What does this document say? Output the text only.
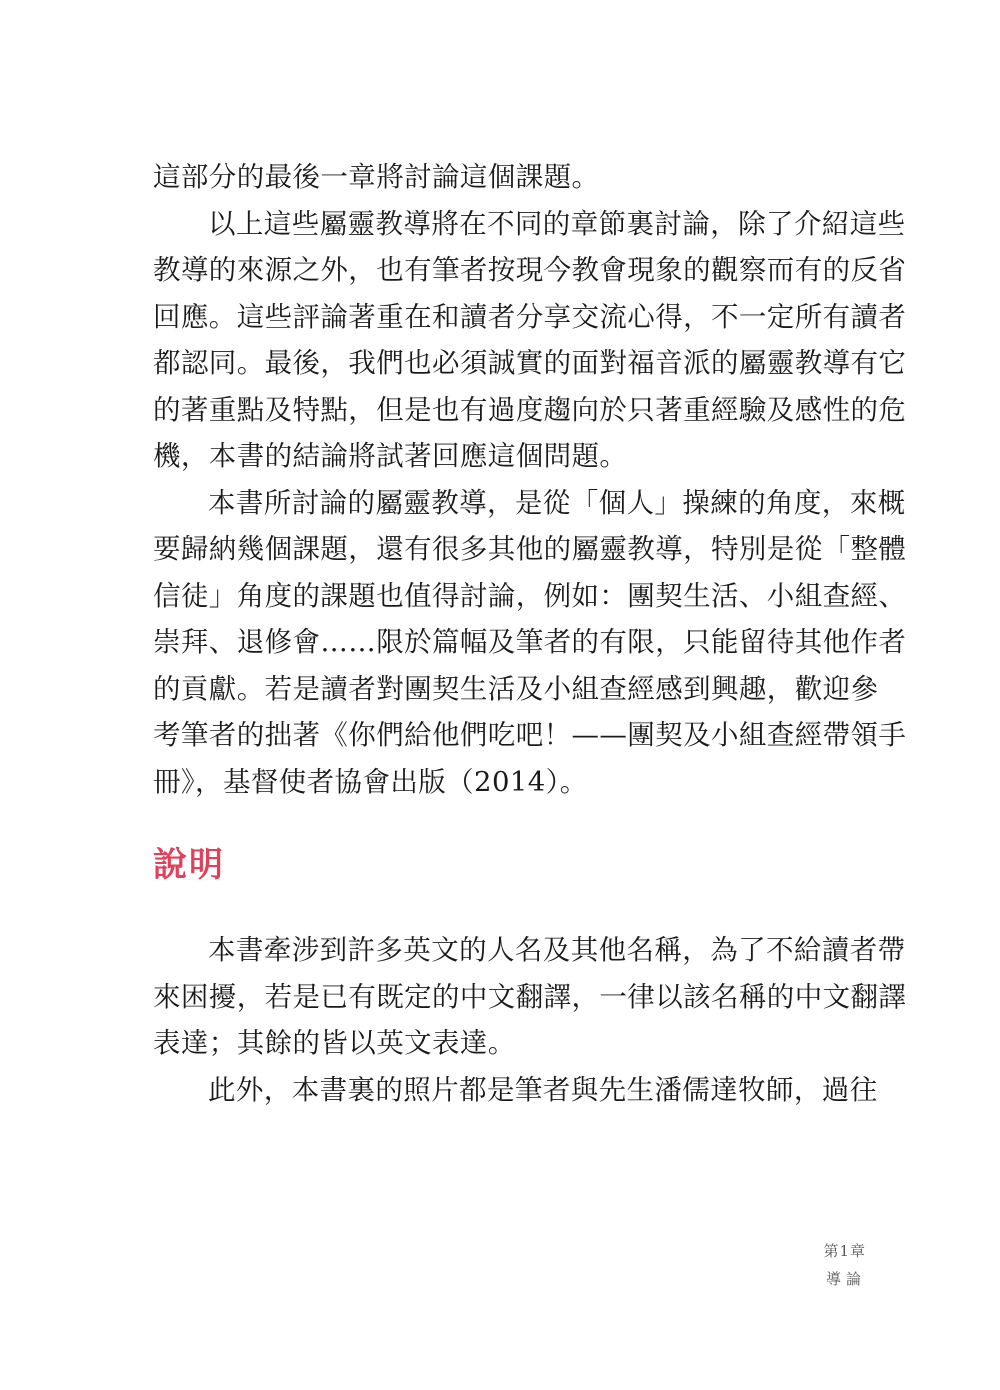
這部分的最後一章將討論這個課題。
以上這些屬靈教導將在不同的章節裏討論，除了介紹這些
教導的來源之外，也有筆者按現今教會現象的觀察而有的反省
回應。這些評論著重在和讀者分享交流心得，不一定所有讀者
都認同。最後，我們也必須誠實的面對福音派的屬靈教導有它
的著重點及特點，但是也有過度趨向於只著重經驗及感性的危
機，本書的結論將試著回應這個問題。
本書所討論的屬靈教導，是從「個人」操練的角度，來概
要歸納幾個課題，還有很多其他的屬靈教導，特別是從「整體
信徒」角度的課題也值得討論，例如：團契生活、小組查經、
崇拜、退修會……限於篇幅及筆者的有限，只能留待其他作者
的貢獻。若是讀者對團契生活及小組查經感到興趣，歡迎參
考筆者的拙著《你們給他們吃吧！——團契及小組查經帶領手
冊》，基督使者協會出版（2014）。
說明
本書牽涉到許多英文的人名及其他名稱，為了不給讀者帶
來困擾，若是已有既定的中文翻譯，一律以該名稱的中文翻譯
表達；其餘的皆以英文表達。
此外，本書裏的照片都是筆者與先生潘儒達牧師，過往
第1章
導論
